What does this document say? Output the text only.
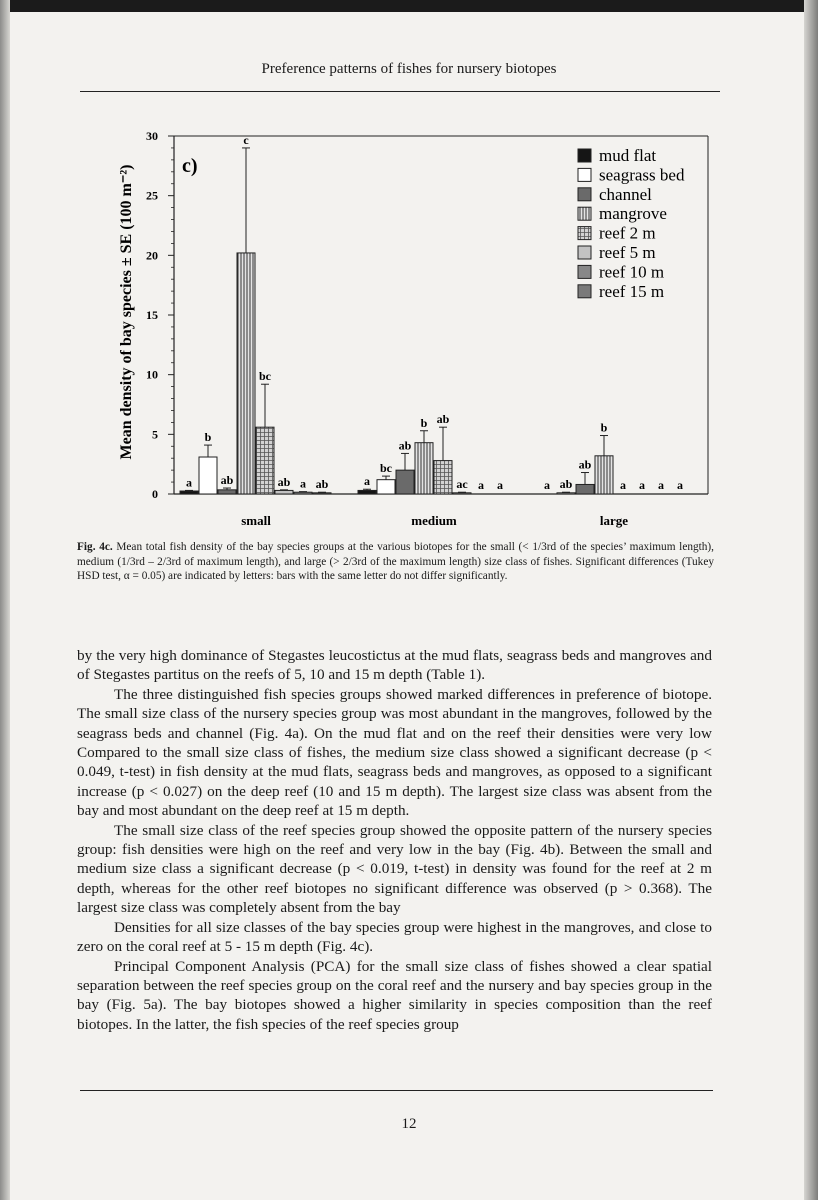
Preference patterns of fishes for nursery biotopes
0
5
10
15
20
25
30
Mean density of bay species ± SE (100 m⁻²) c)
small	medium	large
a
b
ab
c
bc
ab a ab	a
bc
ab
b ab
ac a a	a ab
ab
b
a a a a
mud flat
seagrass bed
channel
mangrove
reef 2 m
reef 5 m
reef 10 m
reef 15 m
Fig. 4c. Mean total fish density of the bay species groups at the various biotopes for the small (< 1/3rd of the species’ maximum length), medium (1/3rd – 2/3rd of maximum length), and large (> 2/3rd of the maximum length) size class of fishes. Significant differences (Tukey HSD test, α = 0.05) are indicated by letters: bars with the same letter do not differ significantly.

by the very high dominance of Stegastes leucostictus at the mud flats, seagrass beds and mangroves and of Stegastes partitus on the reefs of 5, 10 and 15 m depth (Table 1).

The three distinguished fish species groups showed marked differences in preference of biotope. The small size class of the nursery species group was most abundant in the mangroves, followed by the seagrass beds and channel (Fig. 4a). On the mud flat and on the reef their densities were very low Compared to the small size class of fishes, the medium size class showed a significant decrease (p < 0.049, t-test) in fish density at the mud flats, seagrass beds and mangroves, as opposed to a significant increase (p < 0.027) on the deep reef (10 and 15 m depth). The largest size class was absent from the bay and most abundant on the deep reef at 15 m depth.

The small size class of the reef species group showed the opposite pattern of the nursery species group: fish densities were high on the reef and very low in the bay (Fig. 4b). Between the small and medium size class a significant decrease (p < 0.019, t-test) in density was found for the reef at 2 m depth, whereas for the other reef biotopes no significant difference was observed (p > 0.368). The largest size class was completely absent from the bay

Densities for all size classes of the bay species group were highest in the mangroves, and close to zero on the coral reef at 5 - 15 m depth (Fig. 4c).

Principal Component Analysis (PCA) for the small size class of fishes showed a clear spatial separation between the reef species group on the coral reef and the nursery and bay species group in the bay (Fig. 5a). The bay biotopes showed a higher similarity in species composition than the reef biotopes. In the latter, the fish species of the reef species group

12
